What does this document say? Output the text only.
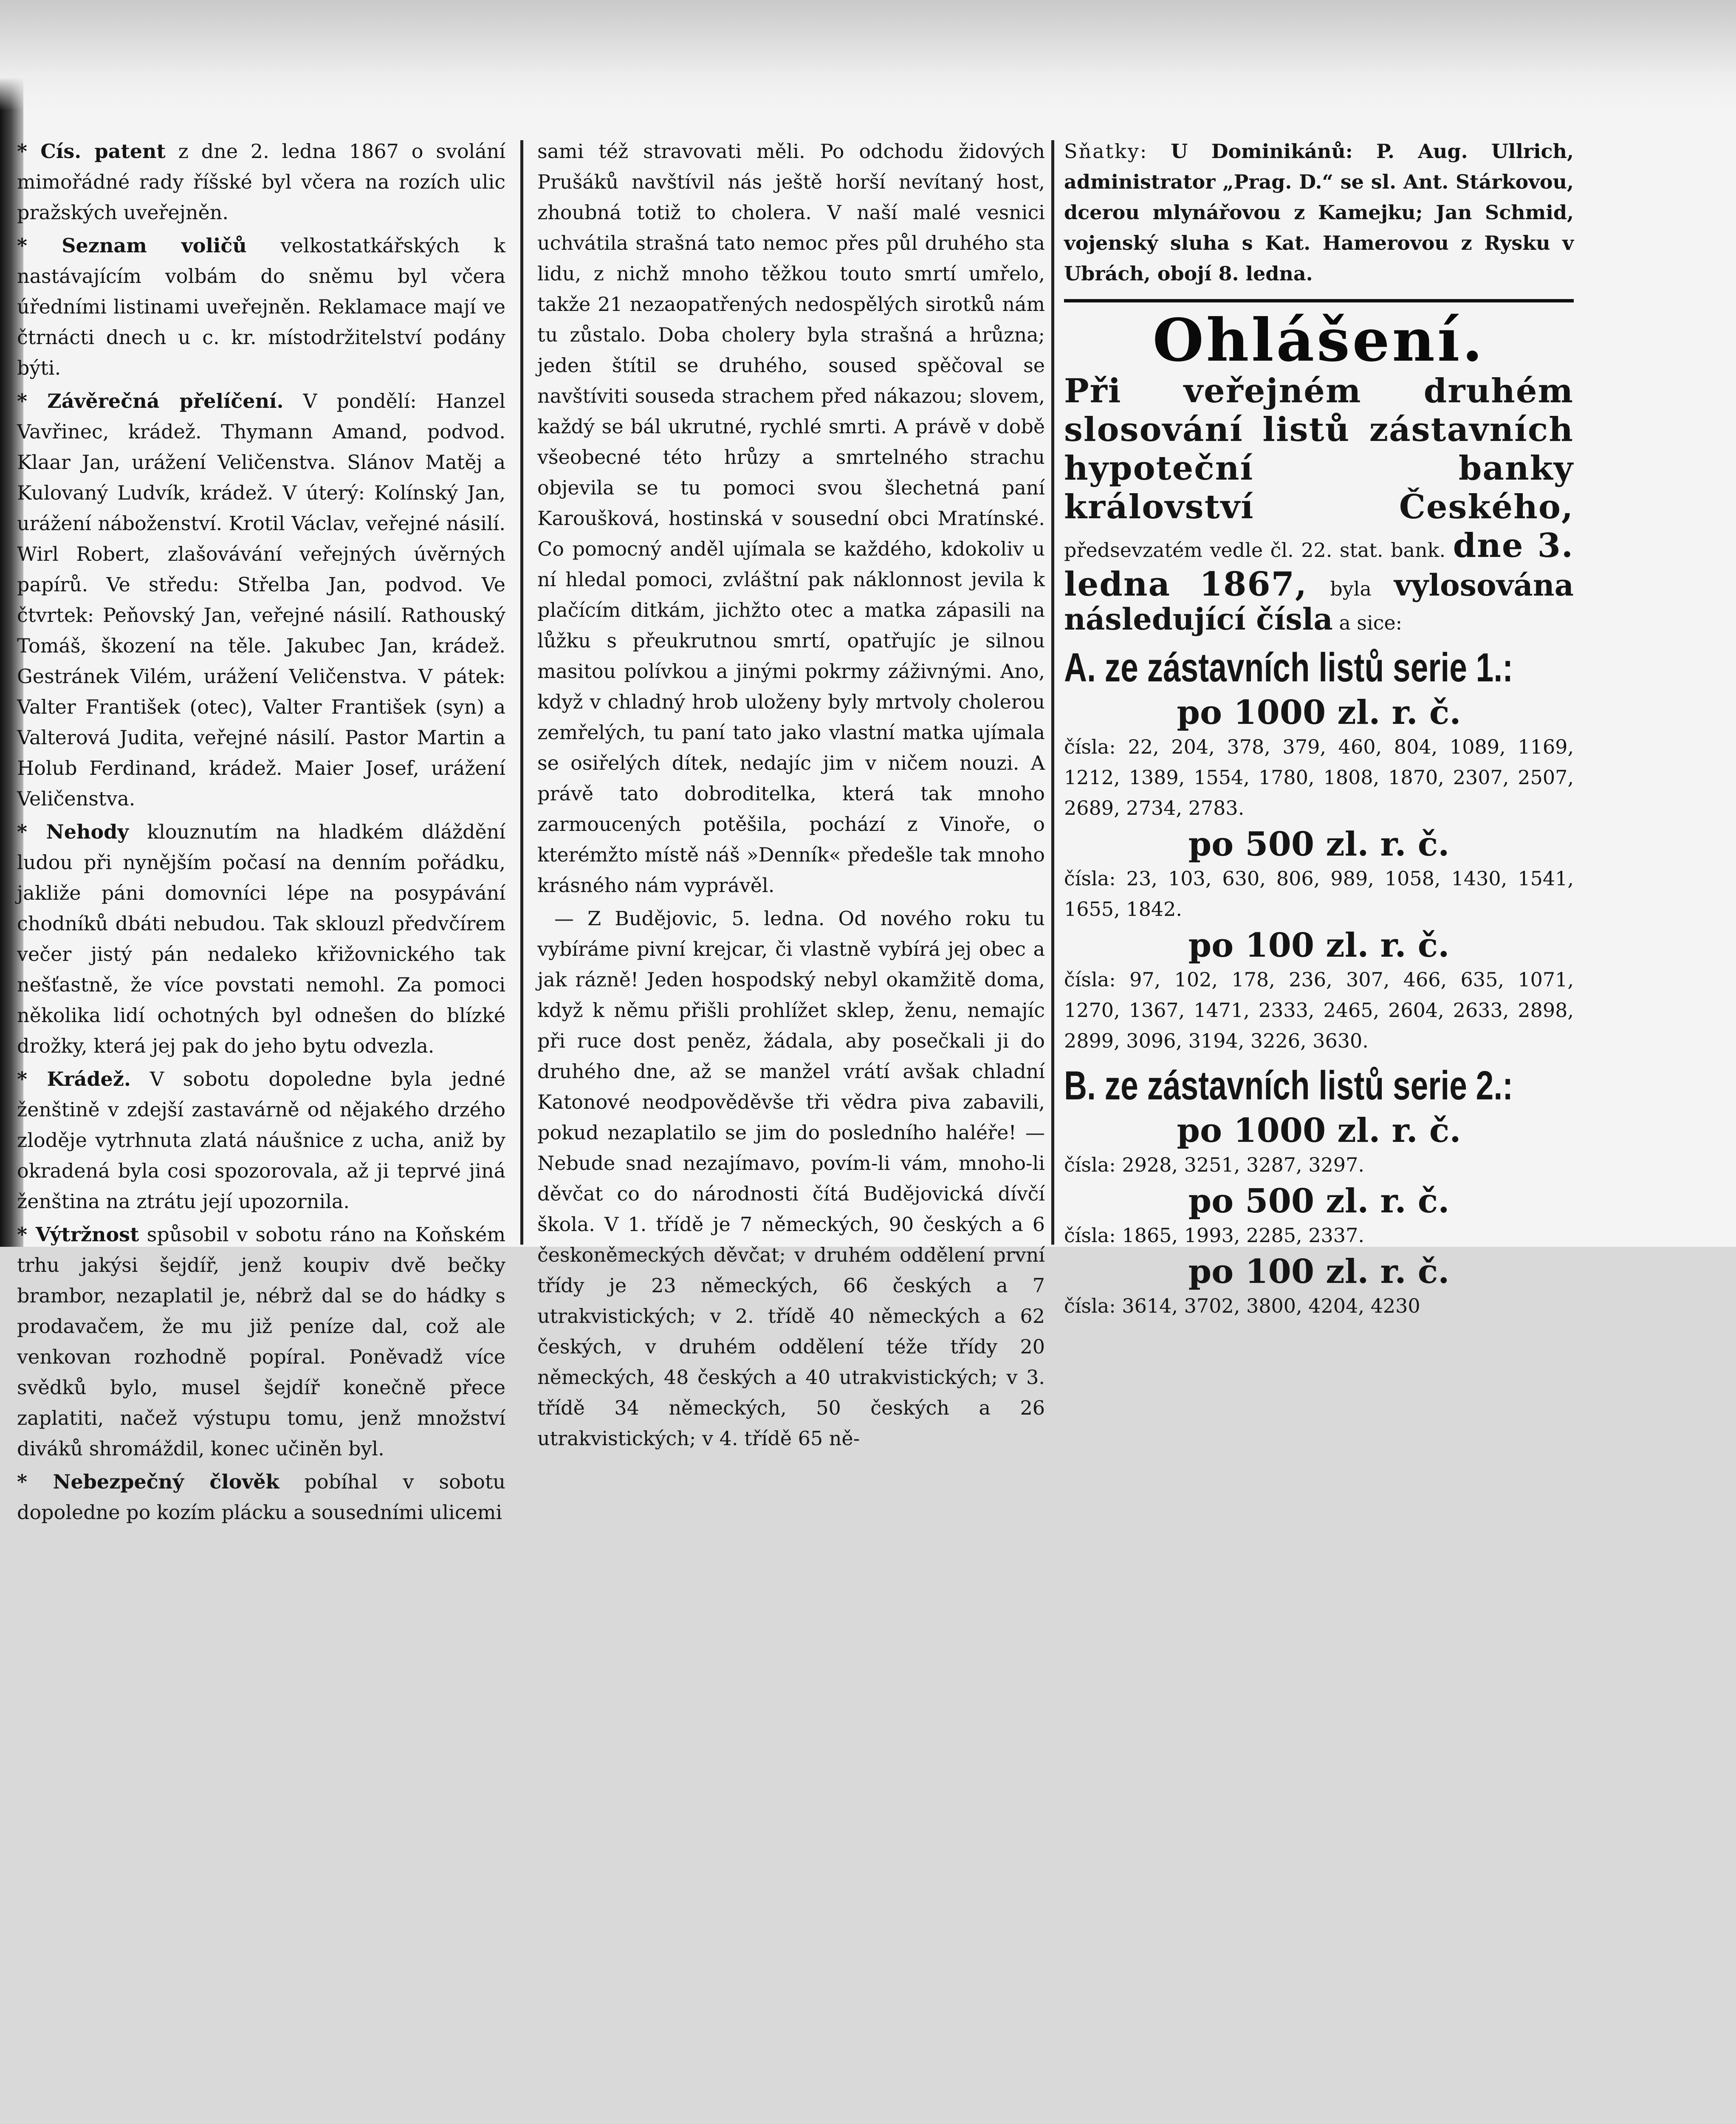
* Cís. patent z dne 2. ledna 1867 o svolání mimořádné rady říšské byl včera na rozích ulic pražských uveřejněn.

* Seznam voličů velkostatkářských k nastávajícím volbám do sněmu byl včera úředními listinami uveřejněn. Reklamace mají ve čtrnácti dnech u c. kr. místodržitelství podány býti.

* Závěrečná přelíčení. V pondělí: Hanzel Vavřinec, krádež. Thymann Amand, podvod. Klaar Jan, urážení Veličenstva. Slánov Matěj a Kulovaný Ludvík, krádež. V úterý: Kolínský Jan, urážení náboženství. Krotil Václav, veřejné násilí. Wirl Robert, zlašovávání veřejných úvěrných papírů. Ve středu: Střelba Jan, podvod. Ve čtvrtek: Peňovský Jan, veřejné násilí. Rathouský Tomáš, škození na těle. Jakubec Jan, krádež. Gestránek Vilém, urážení Veličenstva. V pátek: Valter František (otec), Valter František (syn) a Valterová Judita, veřejné násilí. Pastor Martin a Holub Ferdinand, krádež. Maier Josef, urážení Veličenstva.

* Nehody klouznutím na hladkém dláždění ludou při nynějším počasí na denním pořádku, jakliže páni domovníci lépe na posypávání chodníků dbáti nebudou. Tak sklouzl předvčírem večer jistý pán nedaleko křižovnického tak nešťastně, že více povstati nemohl. Za pomoci několika lidí ochotných byl odnešen do blízké drožky, která jej pak do jeho bytu odvezla.

* Krádež. V sobotu dopoledne byla jedné ženštině v zdejší zastavárně od nějakého drzého zloděje vytrhnuta zlatá náušnice z ucha, aniž by okradená byla cosi spozorovala, až ji teprvé jiná ženština na ztrátu její upozornila.

* Výtržnost spůsobil v sobotu ráno na Koňském trhu jakýsi šejdíř, jenž koupiv dvě bečky brambor, nezaplatil je, nébrž dal se do hádky s prodavačem, že mu již peníze dal, což ale venkovan rozhodně popíral. Poněvadž více svědků bylo, musel šejdíř konečně přece zaplatiti, načež výstupu tomu, jenž množství diváků shromáždil, konec učiněn byl.

* Nebezpečný člověk pobíhal v sobotu dopoledne po kozím plácku a sousedními ulicemi

sami též stravovati měli. Po odchodu židových Prušáků navštívil nás ještě horší nevítaný host, zhoubná totiž to cholera. V naší malé vesnici uchvátila strašná tato nemoc přes půl druhého sta lidu, z nichž mnoho těžkou touto smrtí umřelo, takže 21 nezaopatřených nedospělých sirotků nám tu zůstalo. Doba cholery byla strašná a hrůzna; jeden štítil se druhého, soused spěčoval se navštíviti souseda strachem před nákazou; slovem, každý se bál ukrutné, rychlé smrti. A právě v době všeobecné této hrůzy a smrtelného strachu objevila se tu pomoci svou šlechetná paní Karoušková, hostinská v sousední obci Mratínské. Co pomocný anděl ujímala se každého, kdokoliv u ní hledal pomoci, zvláštní pak náklonnost jevila k plačícím ditkám, jichžto otec a matka zápasili na lůžku s přeukrutnou smrtí, opatřujíc je silnou masitou polívkou a jinými pokrmy záživnými. Ano, když v chladný hrob uloženy byly mrtvoly cholerou zemřelých, tu paní tato jako vlastní matka ujímala se osiřelých dítek, nedajíc jim v ničem nouzi. A právě tato dobroditelka, která tak mnoho zarmoucených potěšila, pochází z Vinoře, o kterémžto místě náš »Denník« předešle tak mnoho krásného nám vyprávěl.

— Z Budějovic, 5. ledna. Od nového roku tu vybíráme pivní krejcar, či vlastně vybírá jej obec a jak rázně! Jeden hospodský nebyl okamžitě doma, když k němu přišli prohlížet sklep, ženu, nemajíc při ruce dost peněz, žádala, aby posečkali ji do druhého dne, až se manžel vrátí avšak chladní Katonové neodpověděvše tři vědra piva zabavili, pokud nezaplatilo se jim do posledního haléře! — Nebude snad nezajímavo, povím-li vám, mnoho-li děvčat co do národnosti čítá Budějovická dívčí škola. V 1. třídě je 7 německých, 90 českých a 6 českoněmeckých děvčat; v druhém oddělení první třídy je 23 německých, 66 českých a 7 utrakvistických; v 2. třídě 40 německých a 62 českých, v druhém oddělení téže třídy 20 německých, 48 českých a 40 utrakvistických; v 3. třídě 34 německých, 50 českých a 26 utrakvistických; v 4. třídě 65 ně-

Sňatky: U Dominikánů: P. Aug. Ullrich, administrator „Prag. D.“ se sl. Ant. Stárkovou, dcerou mlynářovou z Kamejku; Jan Schmid, vojenský sluha s Kat. Hamerovou z Rysku v Ubrách, obojí 8. ledna.

Ohlášení.

Při veřejném druhém slosování listů zástavních hypoteční banky království Českého, předsevzatém vedle čl. 22. stat. bank. dne 3. ledna 1867, byla vylosována následující čísla a sice:

A. ze zástavních listů serie 1.:
po 1000 zl. r. č.

čísla: 22, 204, 378, 379, 460, 804, 1089, 1169, 1212, 1389, 1554, 1780, 1808, 1870, 2307, 2507, 2689, 2734, 2783.

po 500 zl. r. č.

čísla: 23, 103, 630, 806, 989, 1058, 1430, 1541, 1655, 1842.

po 100 zl. r. č.

čísla: 97, 102, 178, 236, 307, 466, 635, 1071, 1270, 1367, 1471, 2333, 2465, 2604, 2633, 2898, 2899, 3096, 3194, 3226, 3630.

B. ze zástavních listů serie 2.:
po 1000 zl. r. č.

čísla: 2928, 3251, 3287, 3297.

po 500 zl. r. č.

čísla: 1865, 1993, 2285, 2337.

po 100 zl. r. č.

čísla: 3614, 3702, 3800, 4204, 4230
